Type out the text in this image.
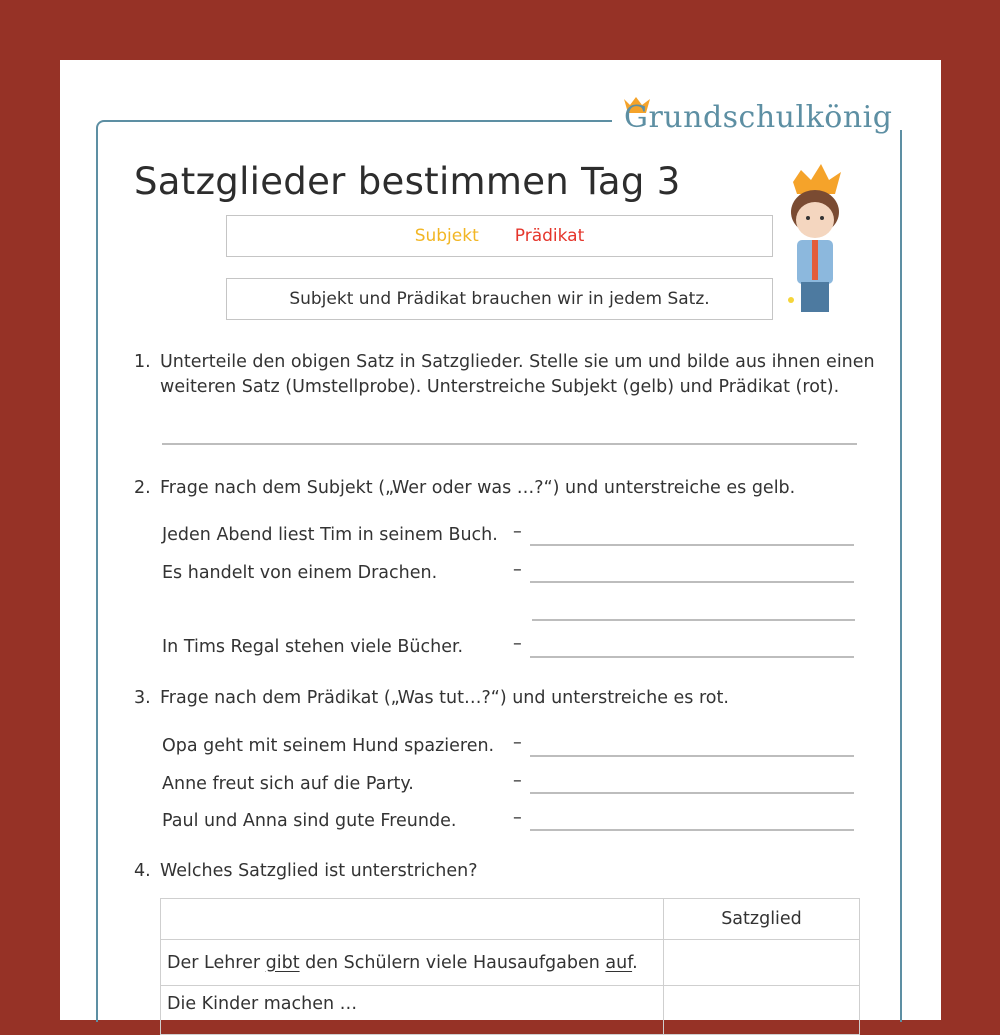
Grundschulkönig
Satzglieder bestimmen Tag 3
Subjekt Prädikat
Subjekt und Prädikat brauchen wir in jedem Satz.
1. Unterteile den obigen Satz in Satzglieder. Stelle sie um und bilde aus ihnen einen
weiteren Satz (Umstellprobe). Unterstreiche Subjekt (gelb) und Prädikat (rot).
2. Frage nach dem Subjekt („Wer oder was …?“) und unterstreiche es gelb.
Jeden Abend liest Tim in seinem Buch. –
Es handelt von einem Drachen.	–
In Tims Regal stehen viele Bücher.	–
3. Frage nach dem Prädikat („Was tut…?“) und unterstreiche es rot.
Opa geht mit seinem Hund spazieren. –
Anne freut sich auf die Party.	–
Paul und Anna sind gute Freunde.	–
4. Welches Satzglied ist unterstrichen?
	Satzglied
Der Lehrer gibt den Schülern viele Hausaufgaben auf.	
Die Kinder machen …	
